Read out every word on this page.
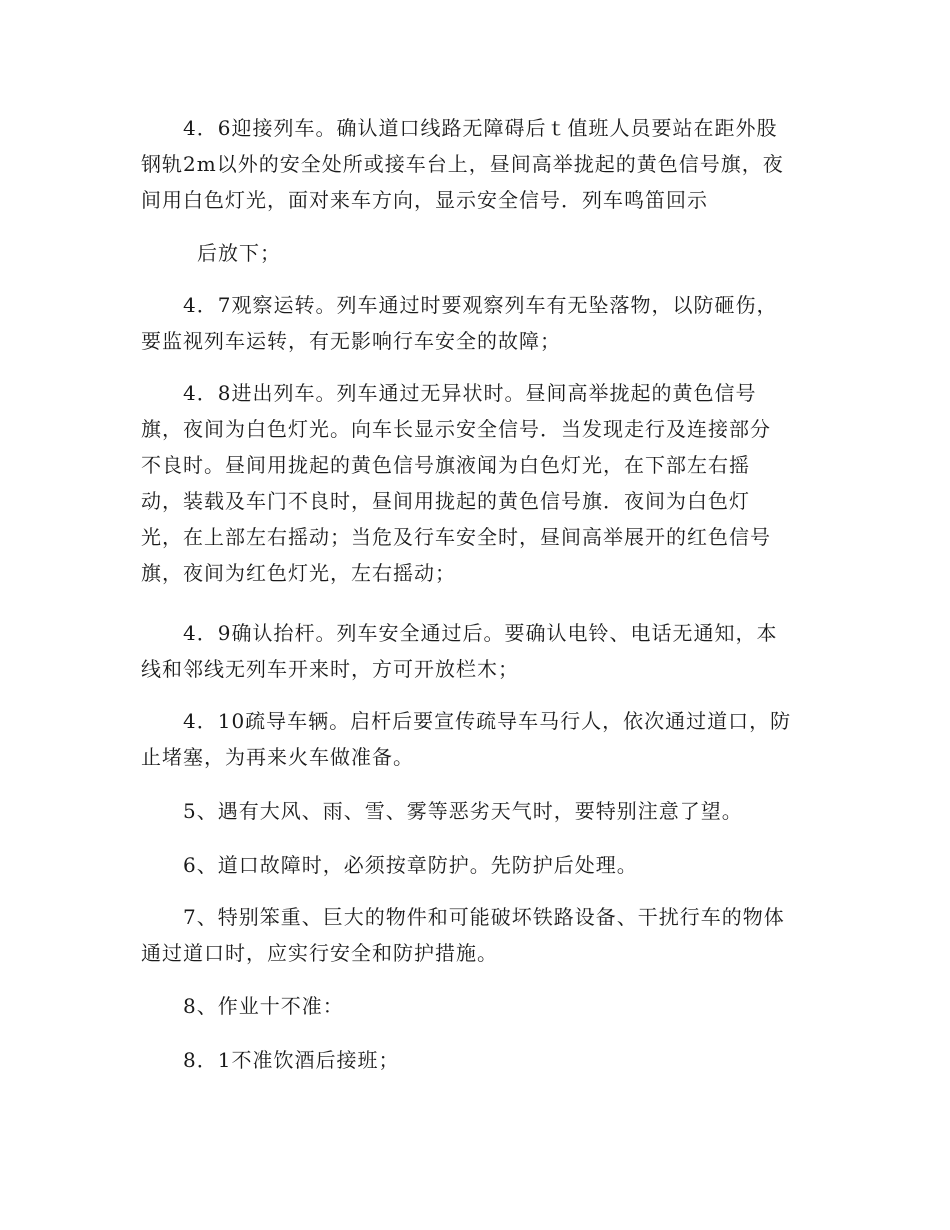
4．6迎接列车。确认道口线路无障碍后ｔ值班人员要站在距外股
钢轨2m以外的安全处所或接车台上，昼间高举拢起的黄色信号旗，夜
间用白色灯光，面对来车方向，显示安全信号．列车鸣笛回示

后放下；

4．7观察运转。列车通过时要观察列车有无坠落物，以防砸伤，
要监视列车运转，有无影响行车安全的故障；

4．8进出列车。列车通过无异状时。昼间高举拢起的黄色信号
旗，夜间为白色灯光。向车长显示安全信号．当发现走行及连接部分
不良时。昼间用拢起的黄色信号旗液闻为白色灯光，在下部左右摇
动，装载及车门不良时，昼间用拢起的黄色信号旗．夜间为白色灯
光，在上部左右摇动；当危及行车安全时，昼间高举展开的红色信号
旗，夜间为红色灯光，左右摇动；

4．9确认抬杆。列车安全通过后。要确认电铃、电话无通知，本
线和邻线无列车开来时，方可开放栏木；

4．10疏导车辆。启杆后要宣传疏导车马行人，依次通过道口，防
止堵塞，为再来火车做准备。

5、遇有大风、雨、雪、雾等恶劣天气时，要特别注意了望。

6、道口故障时，必须按章防护。先防护后处理。

7、特别笨重、巨大的物件和可能破坏铁路设备、干扰行车的物体
通过道口时，应实行安全和防护措施。

8、作业十不准：

8．1不准饮酒后接班；
